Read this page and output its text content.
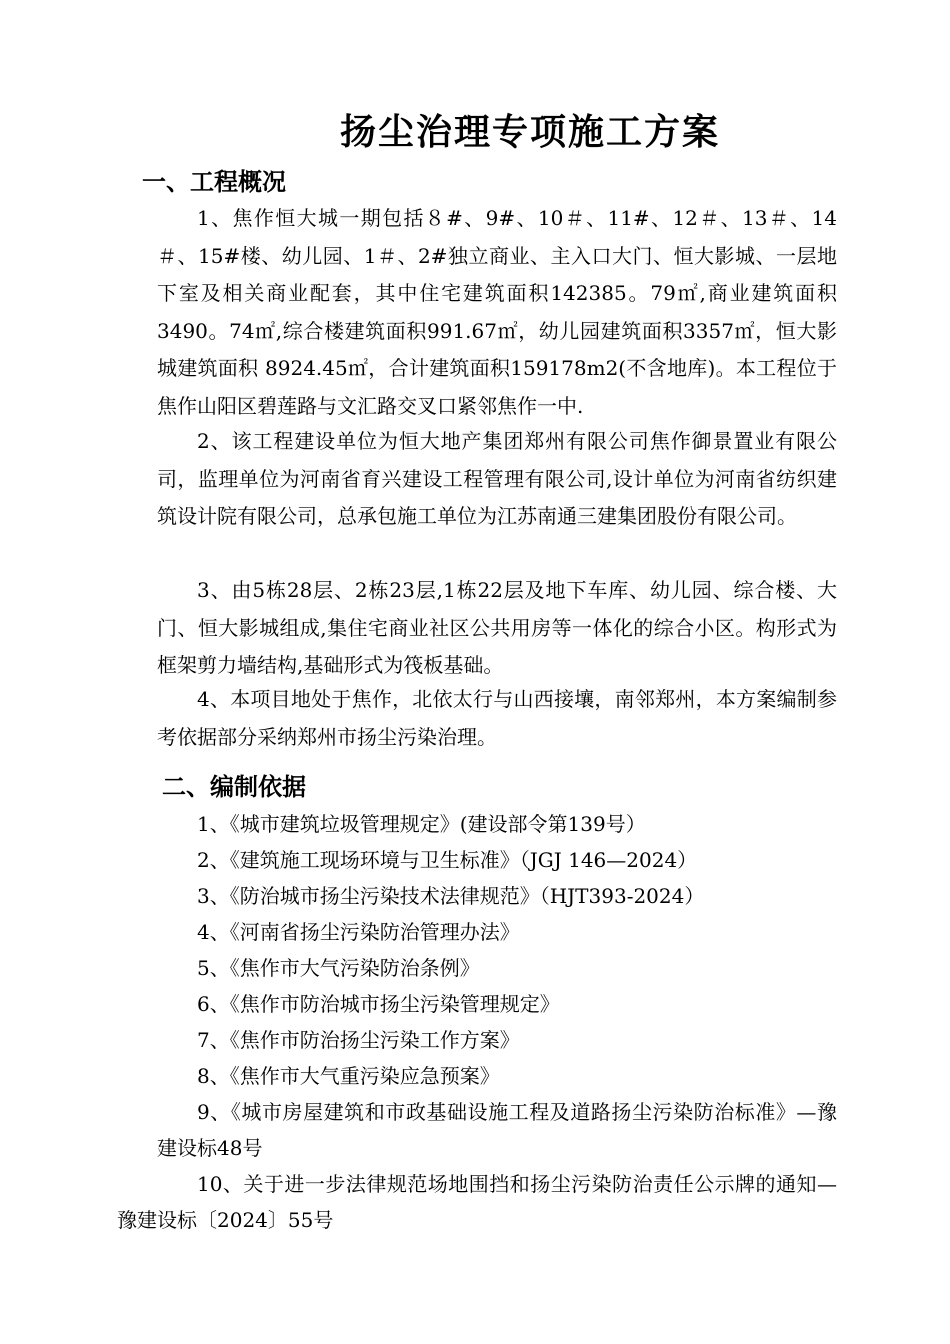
扬尘治理专项施工方案
一、工程概况

1、焦作恒大城一期包括８#、9#、10＃、11#、12＃、13＃、14＃、15#楼、幼儿园、1＃、2#独立商业、主入口大门、恒大影城、一层地下室及相关商业配套，其中住宅建筑面积142385。79㎡,商业建筑面积3490。74㎡,综合楼建筑面积991.67㎡，幼儿园建筑面积3357㎡，恒大影城建筑面积 8924.45㎡，合计建筑面积159178m2(不含地库)。本工程位于焦作山阳区碧莲路与文汇路交叉口紧邻焦作一中.

2、该工程建设单位为恒大地产集团郑州有限公司焦作御景置业有限公司，监理单位为河南省育兴建设工程管理有限公司,设计单位为河南省纺织建筑设计院有限公司，总承包施工单位为江苏南通三建集团股份有限公司。

3、由5栋28层、2栋23层,1栋22层及地下车库、幼儿园、综合楼、大门、恒大影城组成,集住宅商业社区公共用房等一体化的综合小区。构形式为框架剪力墙结构,基础形式为筏板基础。

4、本项目地处于焦作，北依太行与山西接壤，南邻郑州，本方案编制参考依据部分采纳郑州市扬尘污染治理。

二、编制依据

1、《城市建筑垃圾管理规定》(建设部令第139号）

2、《建筑施工现场环境与卫生标准》（JGJ 146—2024）

3、《防治城市扬尘污染技术法律规范》（HJT393-2024）

4、《河南省扬尘污染防治管理办法》

5、《焦作市大气污染防治条例》

6、《焦作市防治城市扬尘污染管理规定》

7、《焦作市防治扬尘污染工作方案》

8、《焦作市大气重污染应急预案》

9、《城市房屋建筑和市政基础设施工程及道路扬尘污染防治标准》—豫建设标48号

10、关于进一步法律规范场地围挡和扬尘污染防治责任公示牌的通知—豫建设标〔2024〕55号
